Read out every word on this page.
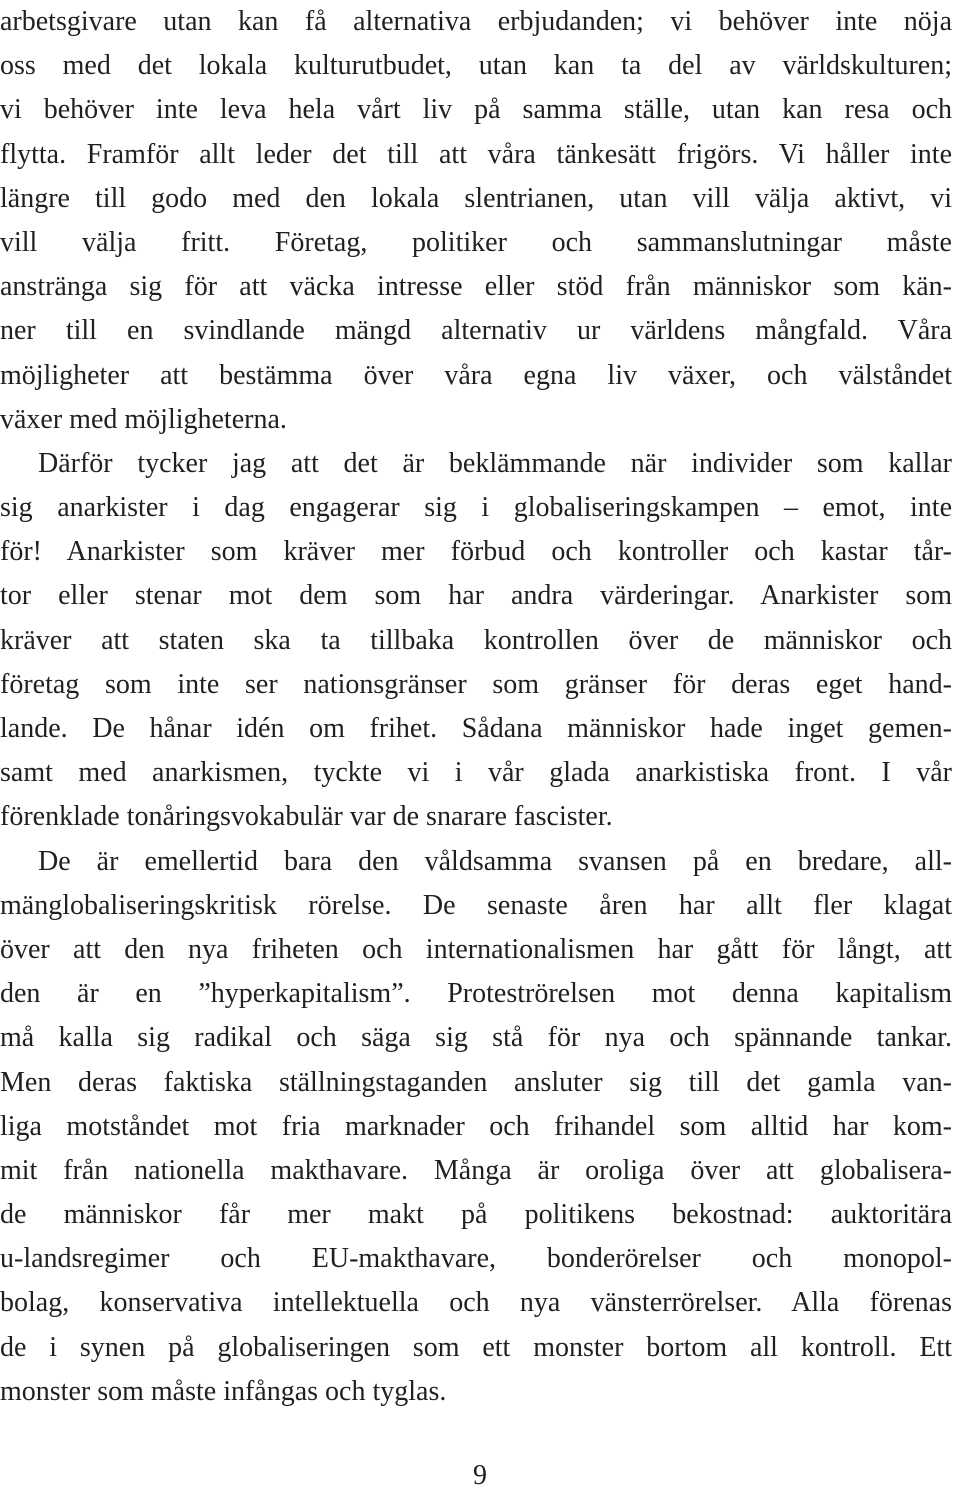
arbetsgivare utan kan få alternativa erbjudanden; vi behöver inte nöja
oss med det lokala kulturutbudet, utan kan ta del av världskulturen;
vi behöver inte leva hela vårt liv på samma ställe, utan kan resa och
flytta. Framför allt leder det till att våra tänkesätt frigörs. Vi håller inte
längre till godo med den lokala slentrianen, utan vill välja aktivt, vi
vill välja fritt. Företag, politiker och sammanslutningar måste
anstränga sig för att väcka intresse eller stöd från människor som kän-
ner till en svindlande mängd alternativ ur världens mångfald. Våra
möjligheter att bestämma över våra egna liv växer, och välståndet
växer med möjligheterna.
Därför tycker jag att det är beklämmande när individer som kallar
sig anarkister i dag engagerar sig i globaliseringskampen – emot, inte
för! Anarkister som kräver mer förbud och kontroller och kastar tår-
tor eller stenar mot dem som har andra värderingar. Anarkister som
kräver att staten ska ta tillbaka kontrollen över de människor och
företag som inte ser nationsgränser som gränser för deras eget hand-
lande. De hånar idén om frihet. Sådana människor hade inget gemen-
samt med anarkismen, tyckte vi i vår glada anarkistiska front. I vår
förenklade tonåringsvokabulär var de snarare fascister.
De är emellertid bara den våldsamma svansen på en bredare, all-
mänglobaliseringskritisk rörelse. De senaste åren har allt fler klagat
över att den nya friheten och internationalismen har gått för långt, att
den är en ”hyperkapitalism”. Proteströrelsen mot denna kapitalism
må kalla sig radikal och säga sig stå för nya och spännande tankar.
Men deras faktiska ställningstaganden ansluter sig till det gamla van-
liga motståndet mot fria marknader och frihandel som alltid har kom-
mit från nationella makthavare. Många är oroliga över att globalisera-
de människor får mer makt på politikens bekostnad: auktoritära
u-landsregimer och EU-makthavare, bonderörelser och monopol-
bolag, konservativa intellektuella och nya vänsterrörelser. Alla förenas
de i synen på globaliseringen som ett monster bortom all kontroll. Ett
monster som måste infångas och tyglas.
9
